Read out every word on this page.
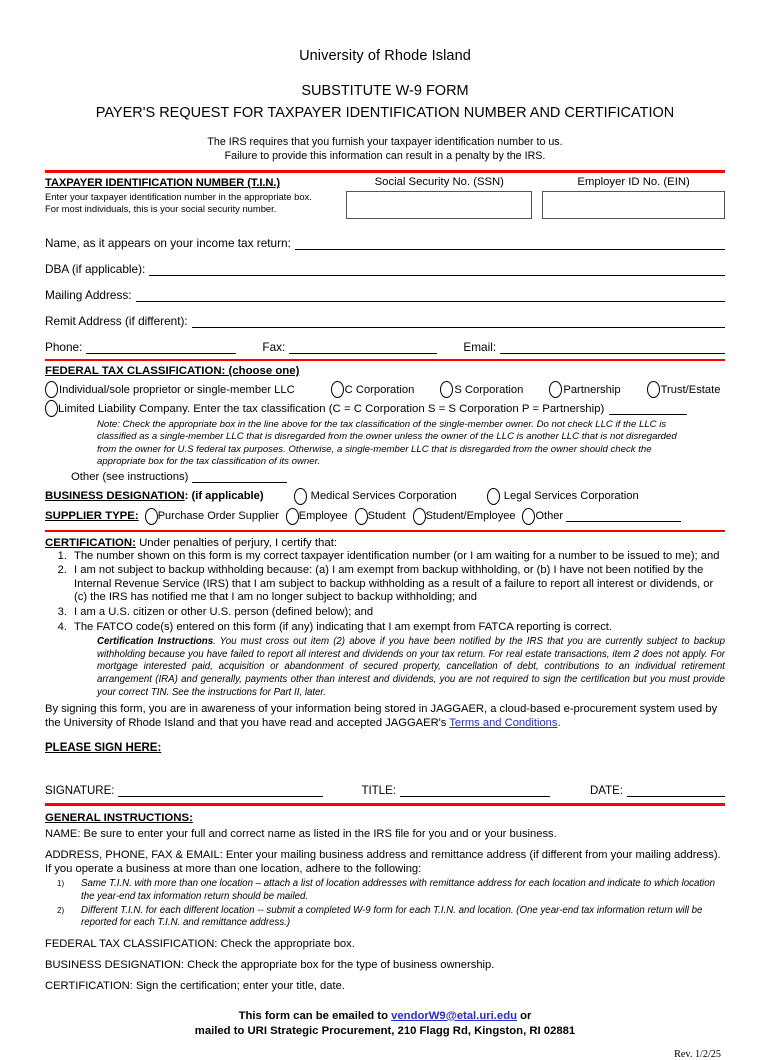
University of Rhode Island
SUBSTITUTE W-9 FORM
PAYER'S REQUEST FOR TAXPAYER IDENTIFICATION NUMBER AND CERTIFICATION
The IRS requires that you furnish your taxpayer identification number to us.
Failure to provide this information can result in a penalty by the IRS.
TAXPAYER IDENTIFICATION NUMBER (T.I.N.)
Enter your taxpayer identification number in the appropriate box.
For most individuals, this is your social security number.
Social Security No. (SSN)	Employer ID No. (EIN)
Name, as it appears on your income tax return:
DBA (if applicable):
Mailing Address:
Remit Address (if different):
Phone:	Fax:	Email:
FEDERAL TAX CLASSIFICATION: (choose one)
Individual/sole proprietor or single-member LLC	C Corporation	S Corporation	Partnership	Trust/Estate
Limited Liability Company. Enter the tax classification (C = C Corporation S = S Corporation P = Partnership)
Note: Check the appropriate box in the line above for the tax classification of the single-member owner. Do not check LLC if the LLC is classified as a single-member LLC that is disregarded from the owner unless the owner of the LLC is another LLC that is not disregarded from the owner for U.S federal tax purposes. Otherwise, a single-member LLC that is disregarded from the owner should check the appropriate box for the tax classification of its owner.
Other (see instructions)
BUSINESS DESIGNATION : (if applicable)	Medical Services Corporation	Legal Services Corporation
SUPPLIER TYPE:	Purchase Order Supplier Employee Student Student/Employee Other
CERTIFICATION: Under penalties of perjury, I certify that:
1. The number shown on this form is my correct taxpayer identification number (or I am waiting for a number to be issued to me); and
2. I am not subject to backup withholding because: (a) I am exempt from backup withholding, or (b) I have not been notified by the Internal Revenue Service (IRS) that I am subject to backup withholding as a result of a failure to report all interest or dividends, or (c) the IRS has notified me that I am no longer subject to backup withholding; and
3. I am a U.S. citizen or other U.S. person (defined below); and
4. The FATCO code(s) entered on this form (if any) indicating that I am exempt from FATCA reporting is correct.
Certification Instructions. You must cross out item (2) above if you have been notified by the IRS that you are currently subject to backup withholding because you have failed to report all interest and dividends on your tax return. For real estate transactions, item 2 does not apply. For mortgage interested paid, acquisition or abandonment of secured property, cancellation of debt, contributions to an individual retirement arrangement (IRA) and generally, payments other than interest and dividends, you are not required to sign the certification but you must provide your correct TIN. See the instructions for Part II, later.
By signing this form, you are in awareness of your information being stored in JAGGAER, a cloud-based e-procurement system used by the University of Rhode Island and that you have read and accepted JAGGAER's Terms and Conditions.
PLEASE SIGN HERE:
SIGNATURE:	TITLE:	DATE:
GENERAL INSTRUCTIONS:
NAME: Be sure to enter your full and correct name as listed in the IRS file for you and or your business.
ADDRESS, PHONE, FAX & EMAIL: Enter your mailing business address and remittance address (if different from your mailing address).
If you operate a business at more than one location, adhere to the following:
1)	Same T.I.N. with more than one location – attach a list of location addresses with remittance address for each location and indicate to which location the year-end tax information return should be mailed.
2)	Different T.I.N. for each different location -- submit a completed W-9 form for each T.I.N. and location. (One year-end tax information return will be reported for each T.I.N. and remittance address.)
FEDERAL TAX CLASSIFICATION: Check the appropriate box.
BUSINESS DESIGNATION: Check the appropriate box for the type of business ownership.
CERTIFICATION: Sign the certification; enter your title, date.
This form can be emailed to vendorW9@etal.uri.edu or
mailed to URI Strategic Procurement, 210 Flagg Rd, Kingston, RI 02881
Rev. 1/2/25
